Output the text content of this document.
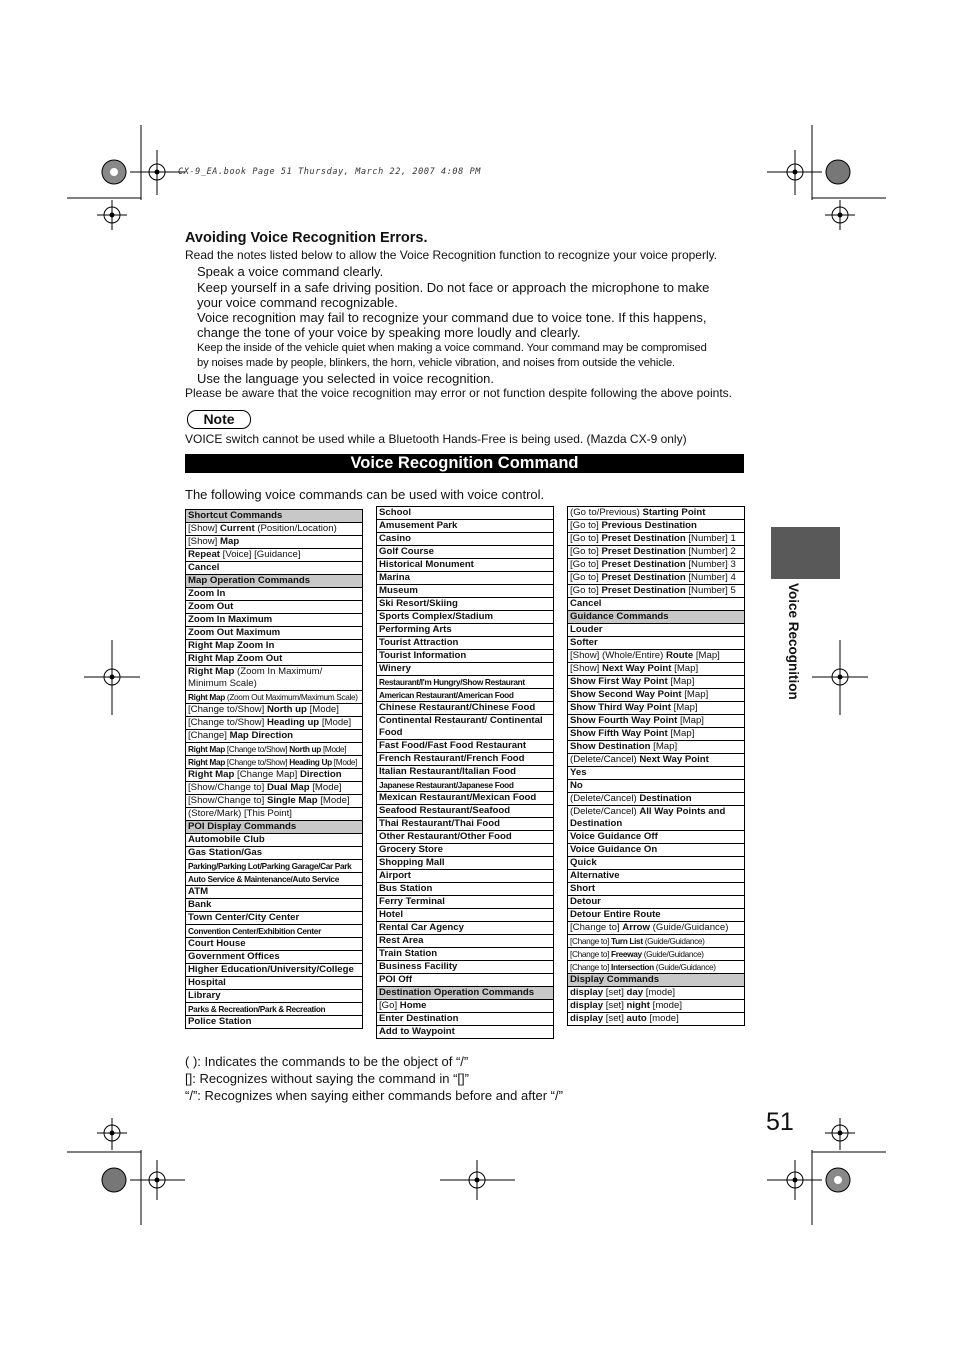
CX-9_EA.book Page 51 Thursday, March 22, 2007 4:08 PM
Avoiding Voice Recognition Errors.
Read the notes listed below to allow the Voice Recognition function to recognize your voice properly.
Speak a voice command clearly.
Keep yourself in a safe driving position. Do not face or approach the microphone to make
your voice command recognizable.
Voice recognition may fail to recognize your command due to voice tone. If this happens,
change the tone of your voice by speaking more loudly and clearly.
Keep the inside of the vehicle quiet when making a voice command. Your command may be compromised
by noises made by people, blinkers, the horn, vehicle vibration, and noises from outside the vehicle.
Use the language you selected in voice recognition.
Please be aware that the voice recognition may error or not function despite following the above points.
Note
VOICE switch cannot be used while a Bluetooth Hands-Free is being used. (Mazda CX-9 only)
Voice Recognition Command
The following voice commands can be used with voice control.
Shortcut Commands
[Show] Current (Position/Location)
[Show] Map
Repeat [Voice] [Guidance]
Cancel
Map Operation Commands
Zoom In
Zoom Out
Zoom In Maximum
Zoom Out Maximum
Right Map Zoom In
Right Map Zoom Out
Right Map (Zoom In Maximum/ Minimum Scale)
Right Map (Zoom Out Maximum/Maximum Scale)
[Change to/Show] North up [Mode]
[Change to/Show] Heading up [Mode]
[Change] Map Direction
Right Map [Change to/Show] North up [Mode]
Right Map [Change to/Show] Heading Up [Mode]
Right Map [Change Map] Direction
[Show/Change to] Dual Map [Mode]
[Show/Change to] Single Map [Mode]
(Store/Mark) [This Point]
POI Display Commands
Automobile Club
Gas Station/Gas
Parking/Parking Lot/Parking Garage/Car Park
Auto Service & Maintenance/Auto Service
ATM
Bank
Town Center/City Center
Convention Center/Exhibition Center
Court House
Government Offices
Higher Education/University/College
Hospital
Library
Parks & Recreation/Park & Recreation
Police Station
School
Amusement Park
Casino
Golf Course
Historical Monument
Marina
Museum
Ski Resort/Skiing
Sports Complex/Stadium
Performing Arts
Tourist Attraction
Tourist Information
Winery
Restaurant/I'm Hungry/Show Restaurant
American Restaurant/American Food
Chinese Restaurant/Chinese Food
Continental Restaurant/ Continental Food
Fast Food/Fast Food Restaurant
French Restaurant/French Food
Italian Restaurant/Italian Food
Japanese Restaurant/Japanese Food
Mexican Restaurant/Mexican Food
Seafood Restaurant/Seafood
Thai Restaurant/Thai Food
Other Restaurant/Other Food
Grocery Store
Shopping Mall
Airport
Bus Station
Ferry Terminal
Hotel
Rental Car Agency
Rest Area
Train Station
Business Facility
POI Off
Destination Operation Commands
[Go] Home
Enter Destination
Add to Waypoint
(Go to/Previous) Starting Point
[Go to] Previous Destination
[Go to] Preset Destination [Number] 1
[Go to] Preset Destination [Number] 2
[Go to] Preset Destination [Number] 3
[Go to] Preset Destination [Number] 4
[Go to] Preset Destination [Number] 5
Cancel
Guidance Commands
Louder
Softer
[Show] (Whole/Entire) Route [Map]
[Show] Next Way Point [Map]
Show First Way Point [Map]
Show Second Way Point [Map]
Show Third Way Point [Map]
Show Fourth Way Point [Map]
Show Fifth Way Point [Map]
Show Destination [Map]
(Delete/Cancel) Next Way Point
Yes
No
(Delete/Cancel) Destination
(Delete/Cancel) All Way Points and Destination
Voice Guidance Off
Voice Guidance On
Quick
Alternative
Short
Detour
Detour Entire Route
[Change to] Arrow (Guide/Guidance)
[Change to] Turn List (Guide/Guidance)
[Change to] Freeway (Guide/Guidance)
[Change to] Intersection (Guide/Guidance)
Display Commands
display [set] day [mode]
display [set] night [mode]
display [set] auto [mode]
Voice Recognition
( ): Indicates the commands to be the object of “/”
[]: Recognizes without saying the command in “[]”
“/”: Recognizes when saying either commands before and after “/”
51
